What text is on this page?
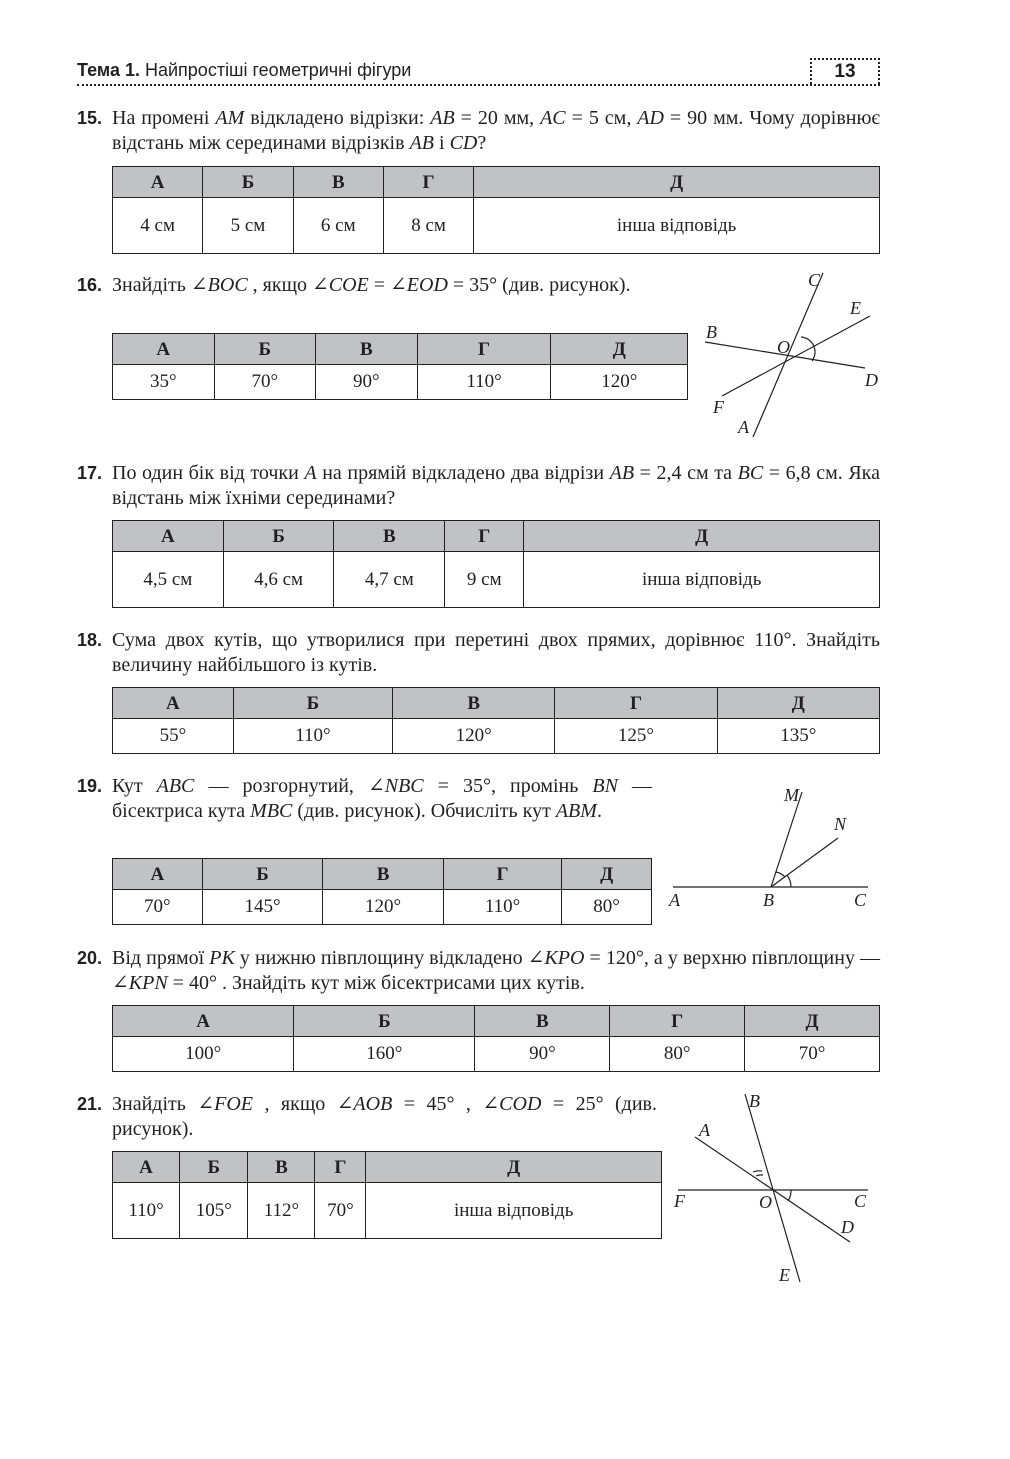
Тема 1. Найпростіші геометричні фігури	13
15. На промені AM відкладено відрізки: AB = 20 мм, AC = 5 см, AD = 90 мм. Чому дорівнює відстань між серединами відрізків AB і CD?
А	Б	В	Г	Д
4 см	5 см	6 см	8 см	інша відповідь
16. Знайдіть ∠BOC , якщо ∠COE = ∠EOD = 35° (див. рисунок).
А	Б	В	Г	Д
35°	70°	90°	110°	120°
C
E
B
O
D
F
A
17. По один бік від точки A на прямій відкладено два відрізи AB = 2,4 см та BC = 6,8 см. Яка відстань між їхніми серединами?
А	Б	В	Г	Д
4,5 см	4,6 см	4,7 см	9 см	інша відповідь
18. Сума двох кутів, що утворилися при перетині двох прямих, дорівнює 110°. Знайдіть величину найбільшого із кутів.
А	Б	В	Г	Д
55°	110°	120°	125°	135°
19. Кут ABC — розгорнутий, ∠NBC = 35°, промінь BN — бісектриса кута MBC (див. рисунок). Обчисліть кут ABM.
А	Б	В	Г	Д
70°	145°	120°	110°	80°
M
N
A	B	C
20. Від прямої PK у нижню півплощину відкладено ∠KPO = 120°, а у верхню півплощину — ∠KPN = 40° . Знайдіть кут між бісектрисами цих кутів.
А	Б	В	Г	Д
100°	160°	90°	80°	70°
21. Знайдіть ∠FOE , якщо ∠AOB = 45° , ∠COD = 25° (див. рисунок).
А	Б	В	Г	Д
110°	105°	112°	70°	інша відповідь
B
A
F	O	C
D
E
